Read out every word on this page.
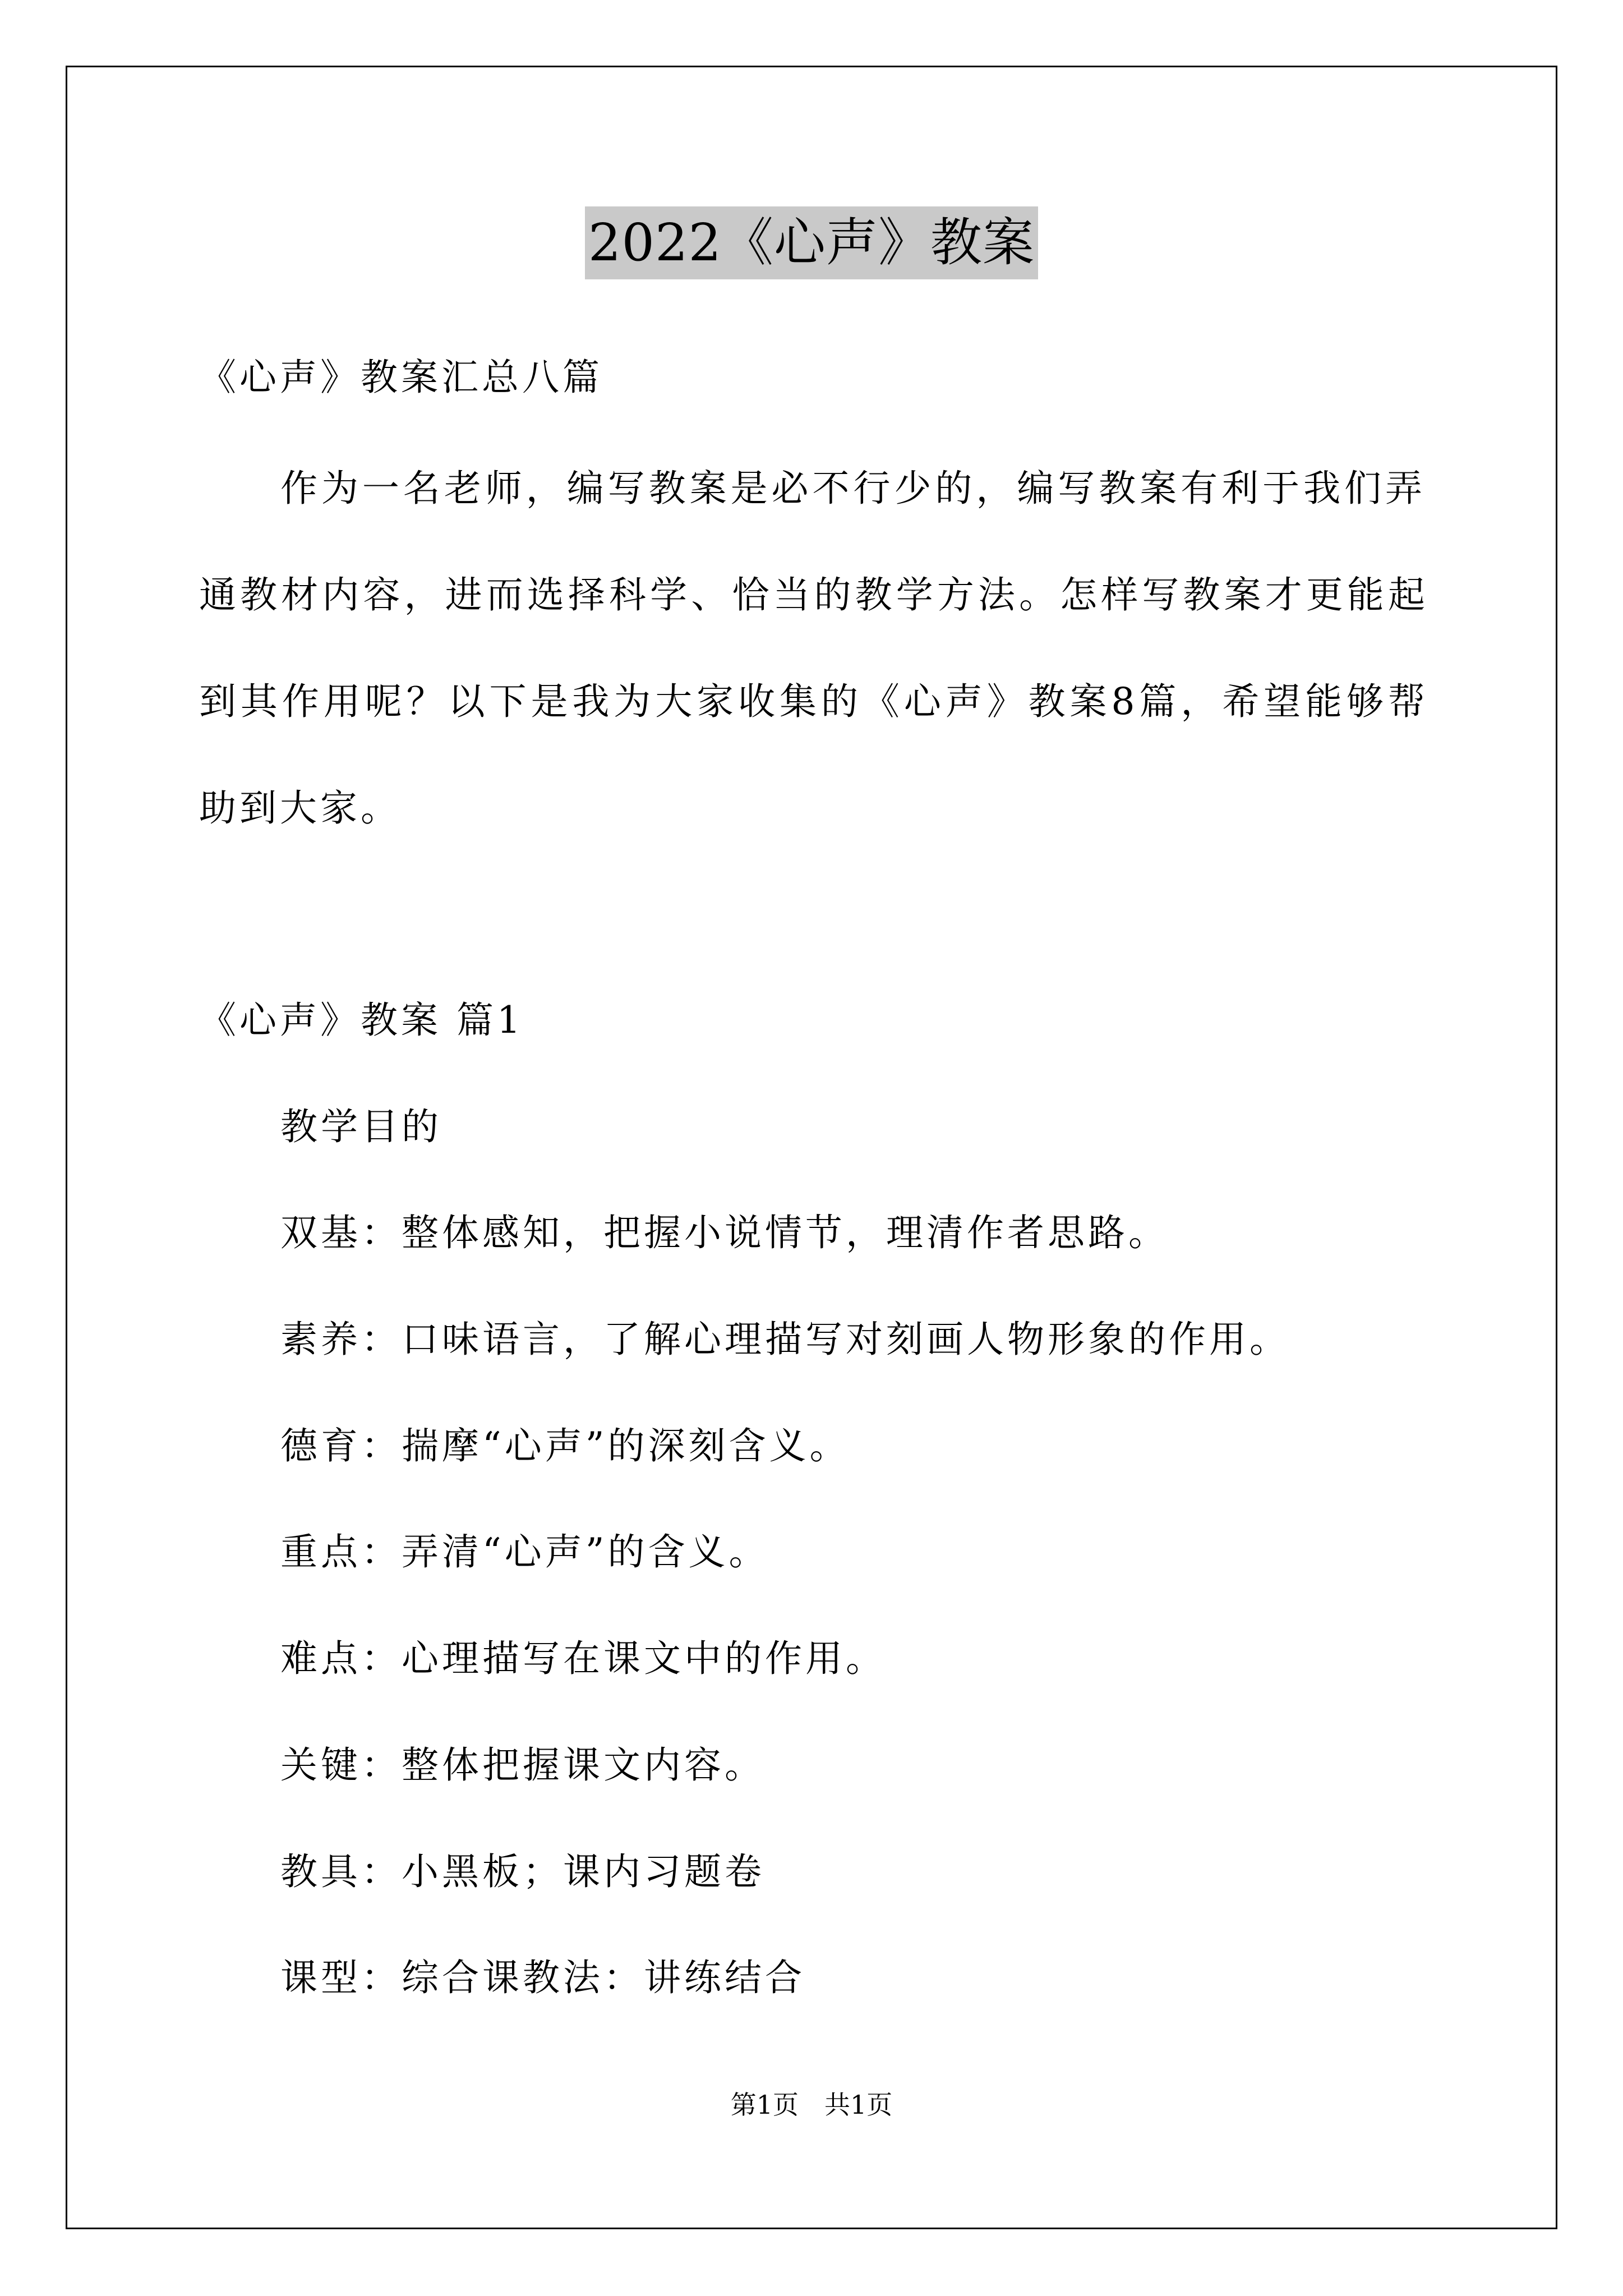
2022《心声》教案
《心声》教案汇总八篇
作为一名老师，编写教案是必不行少的，编写教案有利于我们弄
通教材内容，进而选择科学、恰当的教学方法。怎样写教案才更能起
到其作用呢？以下是我为大家收集的《心声》教案8篇，希望能够帮
助到大家。
《心声》教案 篇1
教学目的
双基：整体感知，把握小说情节，理清作者思路。
素养：口味语言，了解心理描写对刻画人物形象的作用。
德育：揣摩“心声”的深刻含义。
重点：弄清“心声”的含义。
难点：心理描写在课文中的作用。
关键：整体把握课文内容。
教具：小黑板；课内习题卷
课型：综合课教法：讲练结合
第1页　共1页
